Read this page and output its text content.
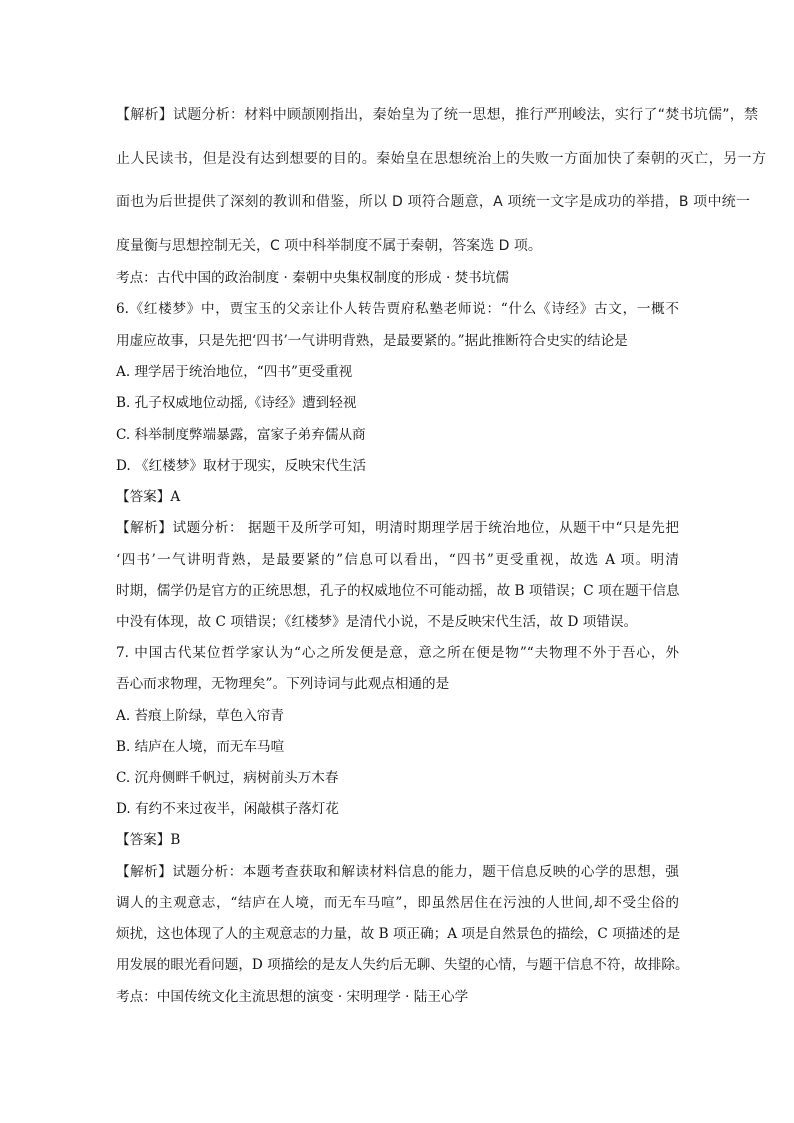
【解析】试题分析：材料中顾颉刚指出，秦始皇为了统一思想，推行严刑峻法，实行了“焚书坑儒”，禁
止人民读书，但是没有达到想要的目的。秦始皇在思想统治上的失败一方面加快了秦朝的灭亡，另一方
面也为后世提供了深刻的教训和借鉴，所以 D 项符合题意，A 项统一文字是成功的举措，B 项中统一
度量衡与思想控制无关，C 项中科举制度不属于秦朝，答案选 D 项。
考点：古代中国的政治制度 · 秦朝中央集权制度的形成 · 焚书坑儒
6.《红楼梦》中，贾宝玉的父亲让仆人转告贾府私塾老师说：“什么《诗经》古文，一概不
用虚应故事，只是先把‘四书’一气讲明背熟，是最要紧的。”据此推断符合史实的结论是
A. 理学居于统治地位，“四书”更受重视
B. 孔子权威地位动摇,《诗经》遭到轻视
C. 科举制度弊端暴露，富家子弟弃儒从商
D. 《红楼梦》取材于现实，反映宋代生活
【答案】A
【解析】试题分析： 据题干及所学可知，明清时期理学居于统治地位，从题干中“只是先把
‘四书’一气讲明背熟，是最要紧的”信息可以看出，“四书”更受重视，故选 A 项。明清
时期，儒学仍是官方的正统思想，孔子的权威地位不可能动摇，故 B 项错误；C 项在题干信息
中没有体现，故 C 项错误；《红楼梦》是清代小说，不是反映宋代生活，故 D 项错误。
7. 中国古代某位哲学家认为“心之所发便是意，意之所在便是物”“夫物理不外于吾心，外
吾心而求物理，无物理矣”。下列诗词与此观点相通的是
A. 苔痕上阶绿，草色入帘青
B. 结庐在人境，而无车马喧
C. 沉舟侧畔千帆过，病树前头万木春
D. 有约不来过夜半，闲敲棋子落灯花
【答案】B
【解析】试题分析：本题考查获取和解读材料信息的能力，题干信息反映的心学的思想，强
调人的主观意志，“结庐在人境，而无车马喧”，即虽然居住在污浊的人世间,却不受尘俗的
烦扰，这也体现了人的主观意志的力量，故 B 项正确；A 项是自然景色的描绘，C 项描述的是
用发展的眼光看问题，D 项描绘的是友人失约后无聊、失望的心情，与题干信息不符，故排除。
考点：中国传统文化主流思想的演变 · 宋明理学 · 陆王心学
